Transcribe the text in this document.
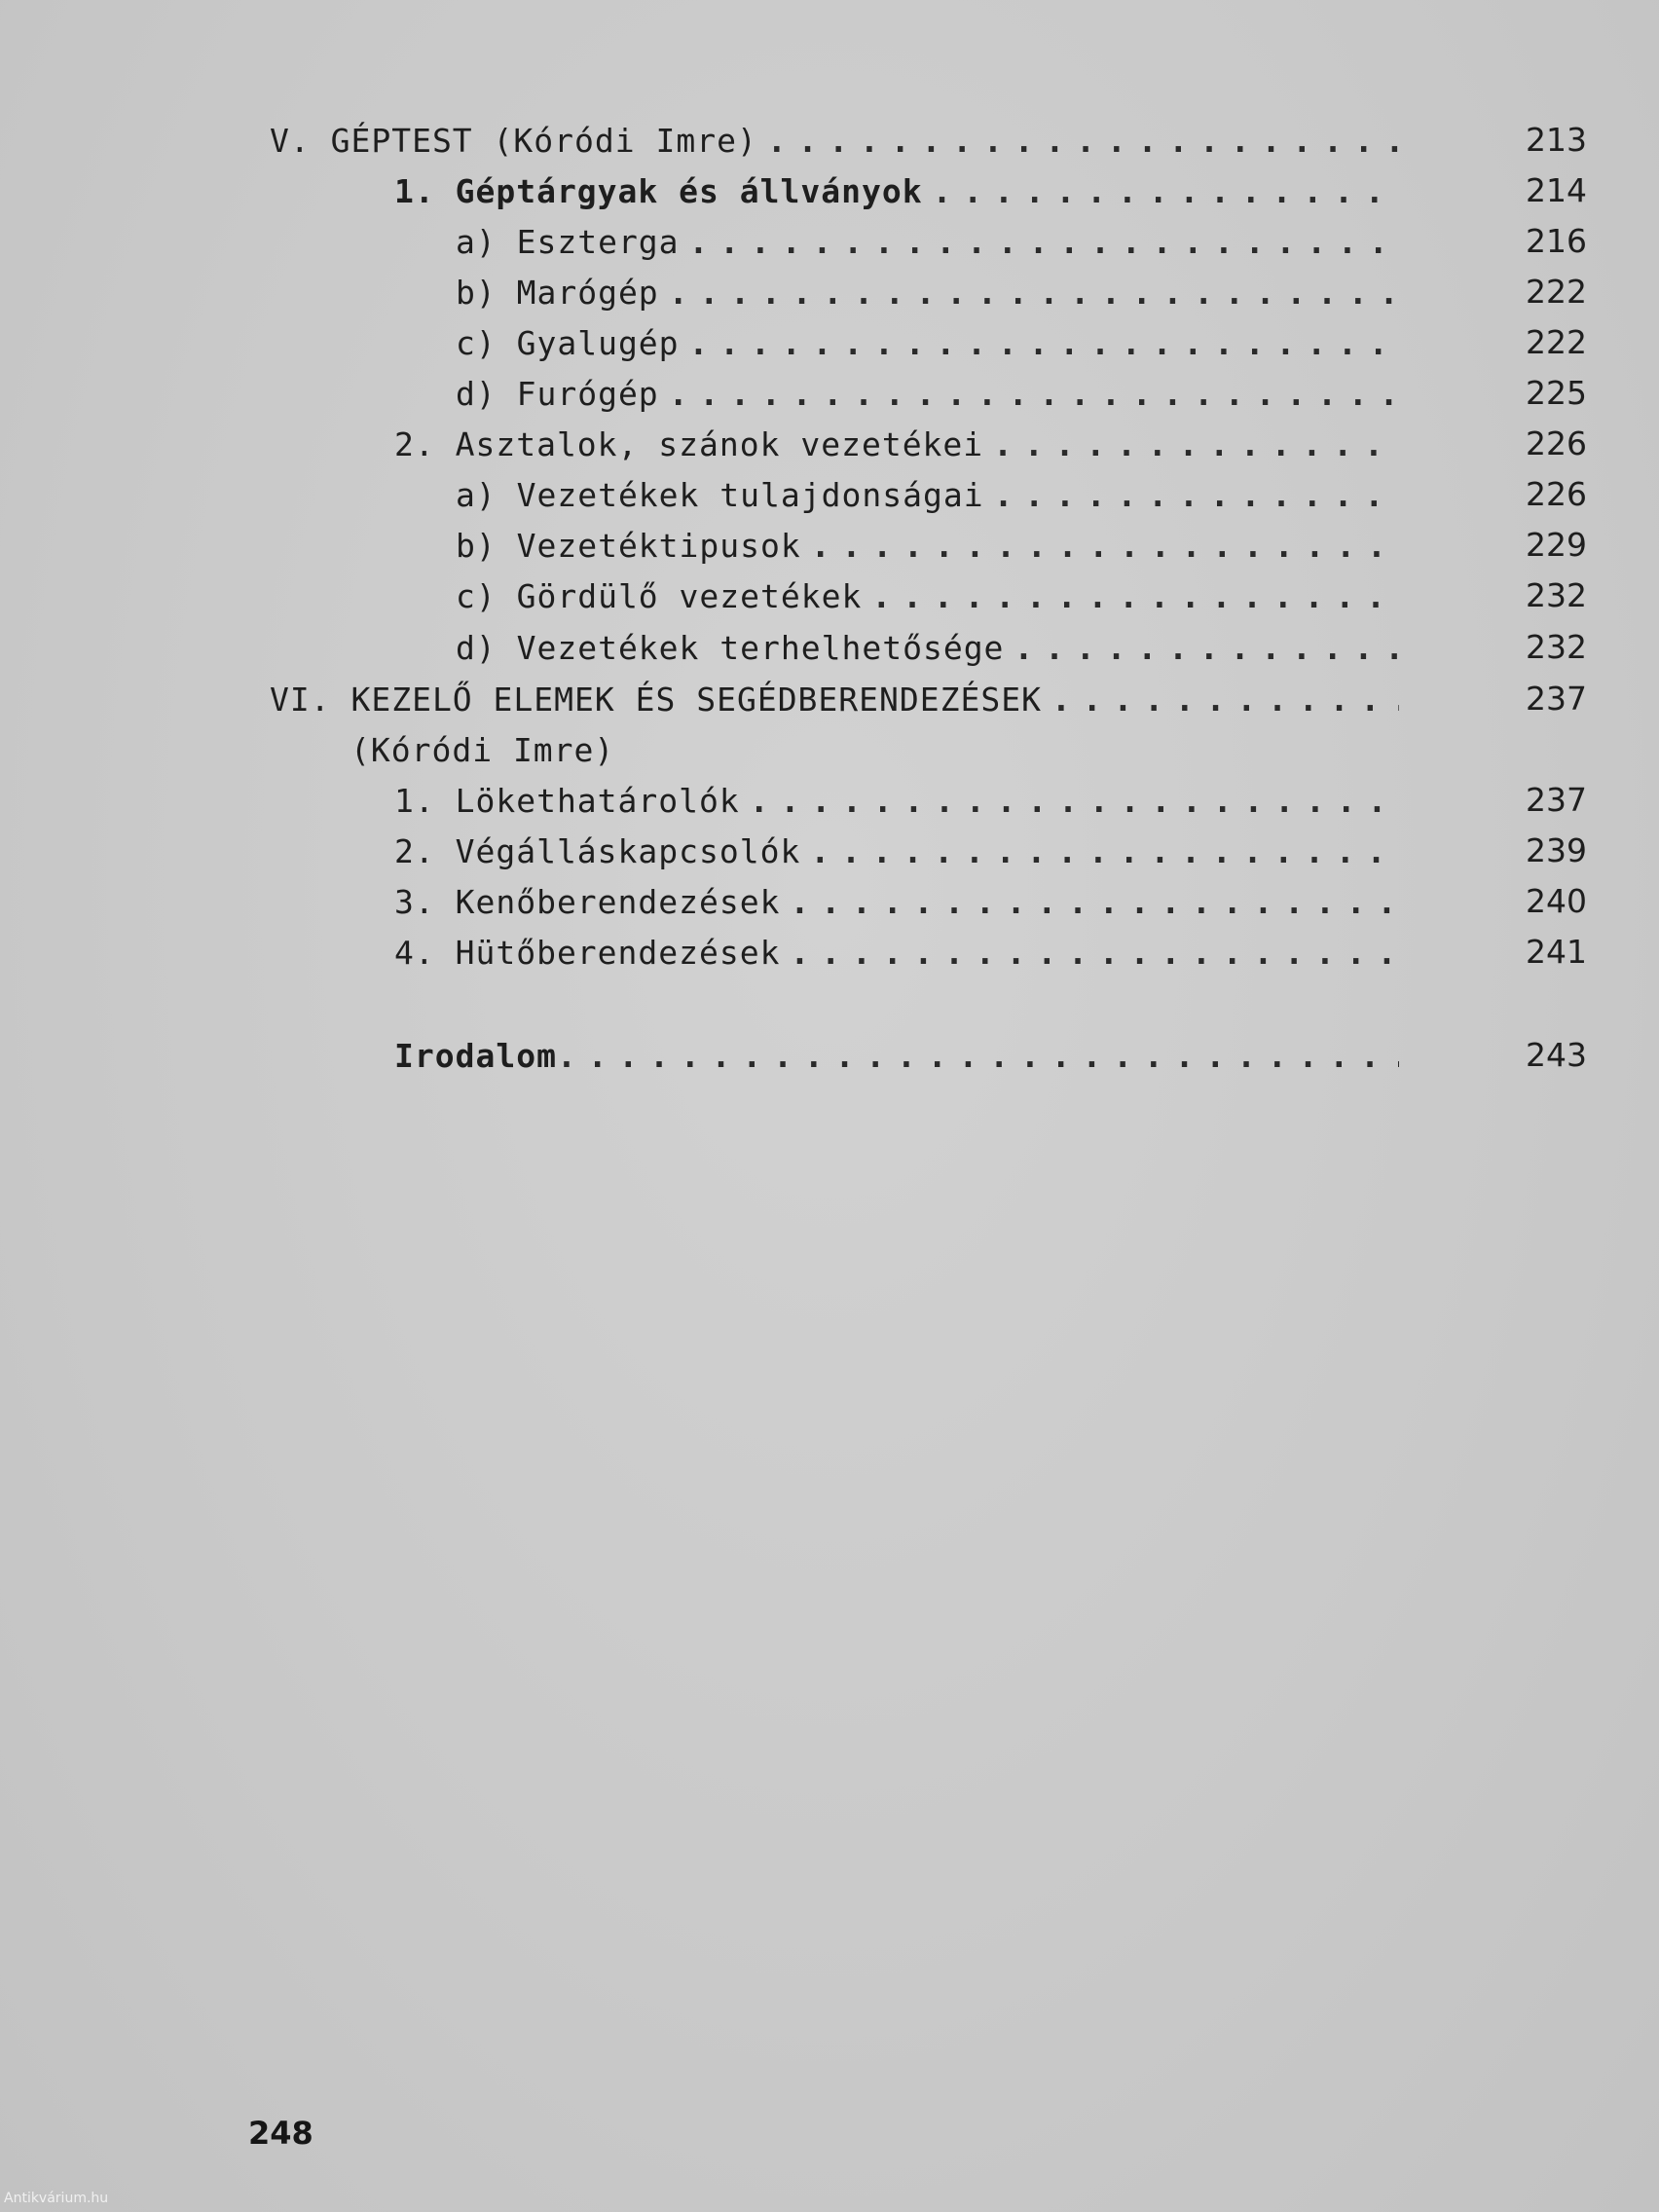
V. GÉPTEST (Kóródi Imre) . . .	213
1. Géptárgyak és állványok . . .	214
a) Eszterga . . .	216
b) Marógép . . .	222
c) Gyalugép . . .	222
d) Furógép . . .	225
2. Asztalok, szánok vezetékei . . .	226
a) Vezetékek tulajdonságai . . .	226
b) Vezetéktipusok . . .	229
c) Gördülő vezetékek . . .	232
d) Vezetékek terhelhetősége . . .	232
VI. KEZELŐ ELEMEK ÉS SEGÉDBERENDEZÉSEK . . .	237
(Kóródi Imre)
1. Lökethatárolók . . .	237
2. Végálláskapcsolók . . .	239
3. Kenőberendezések . . .	240
4. Hütőberendezések . . .	241
Irodalom . . .	243
248
Antikvárium.hu
